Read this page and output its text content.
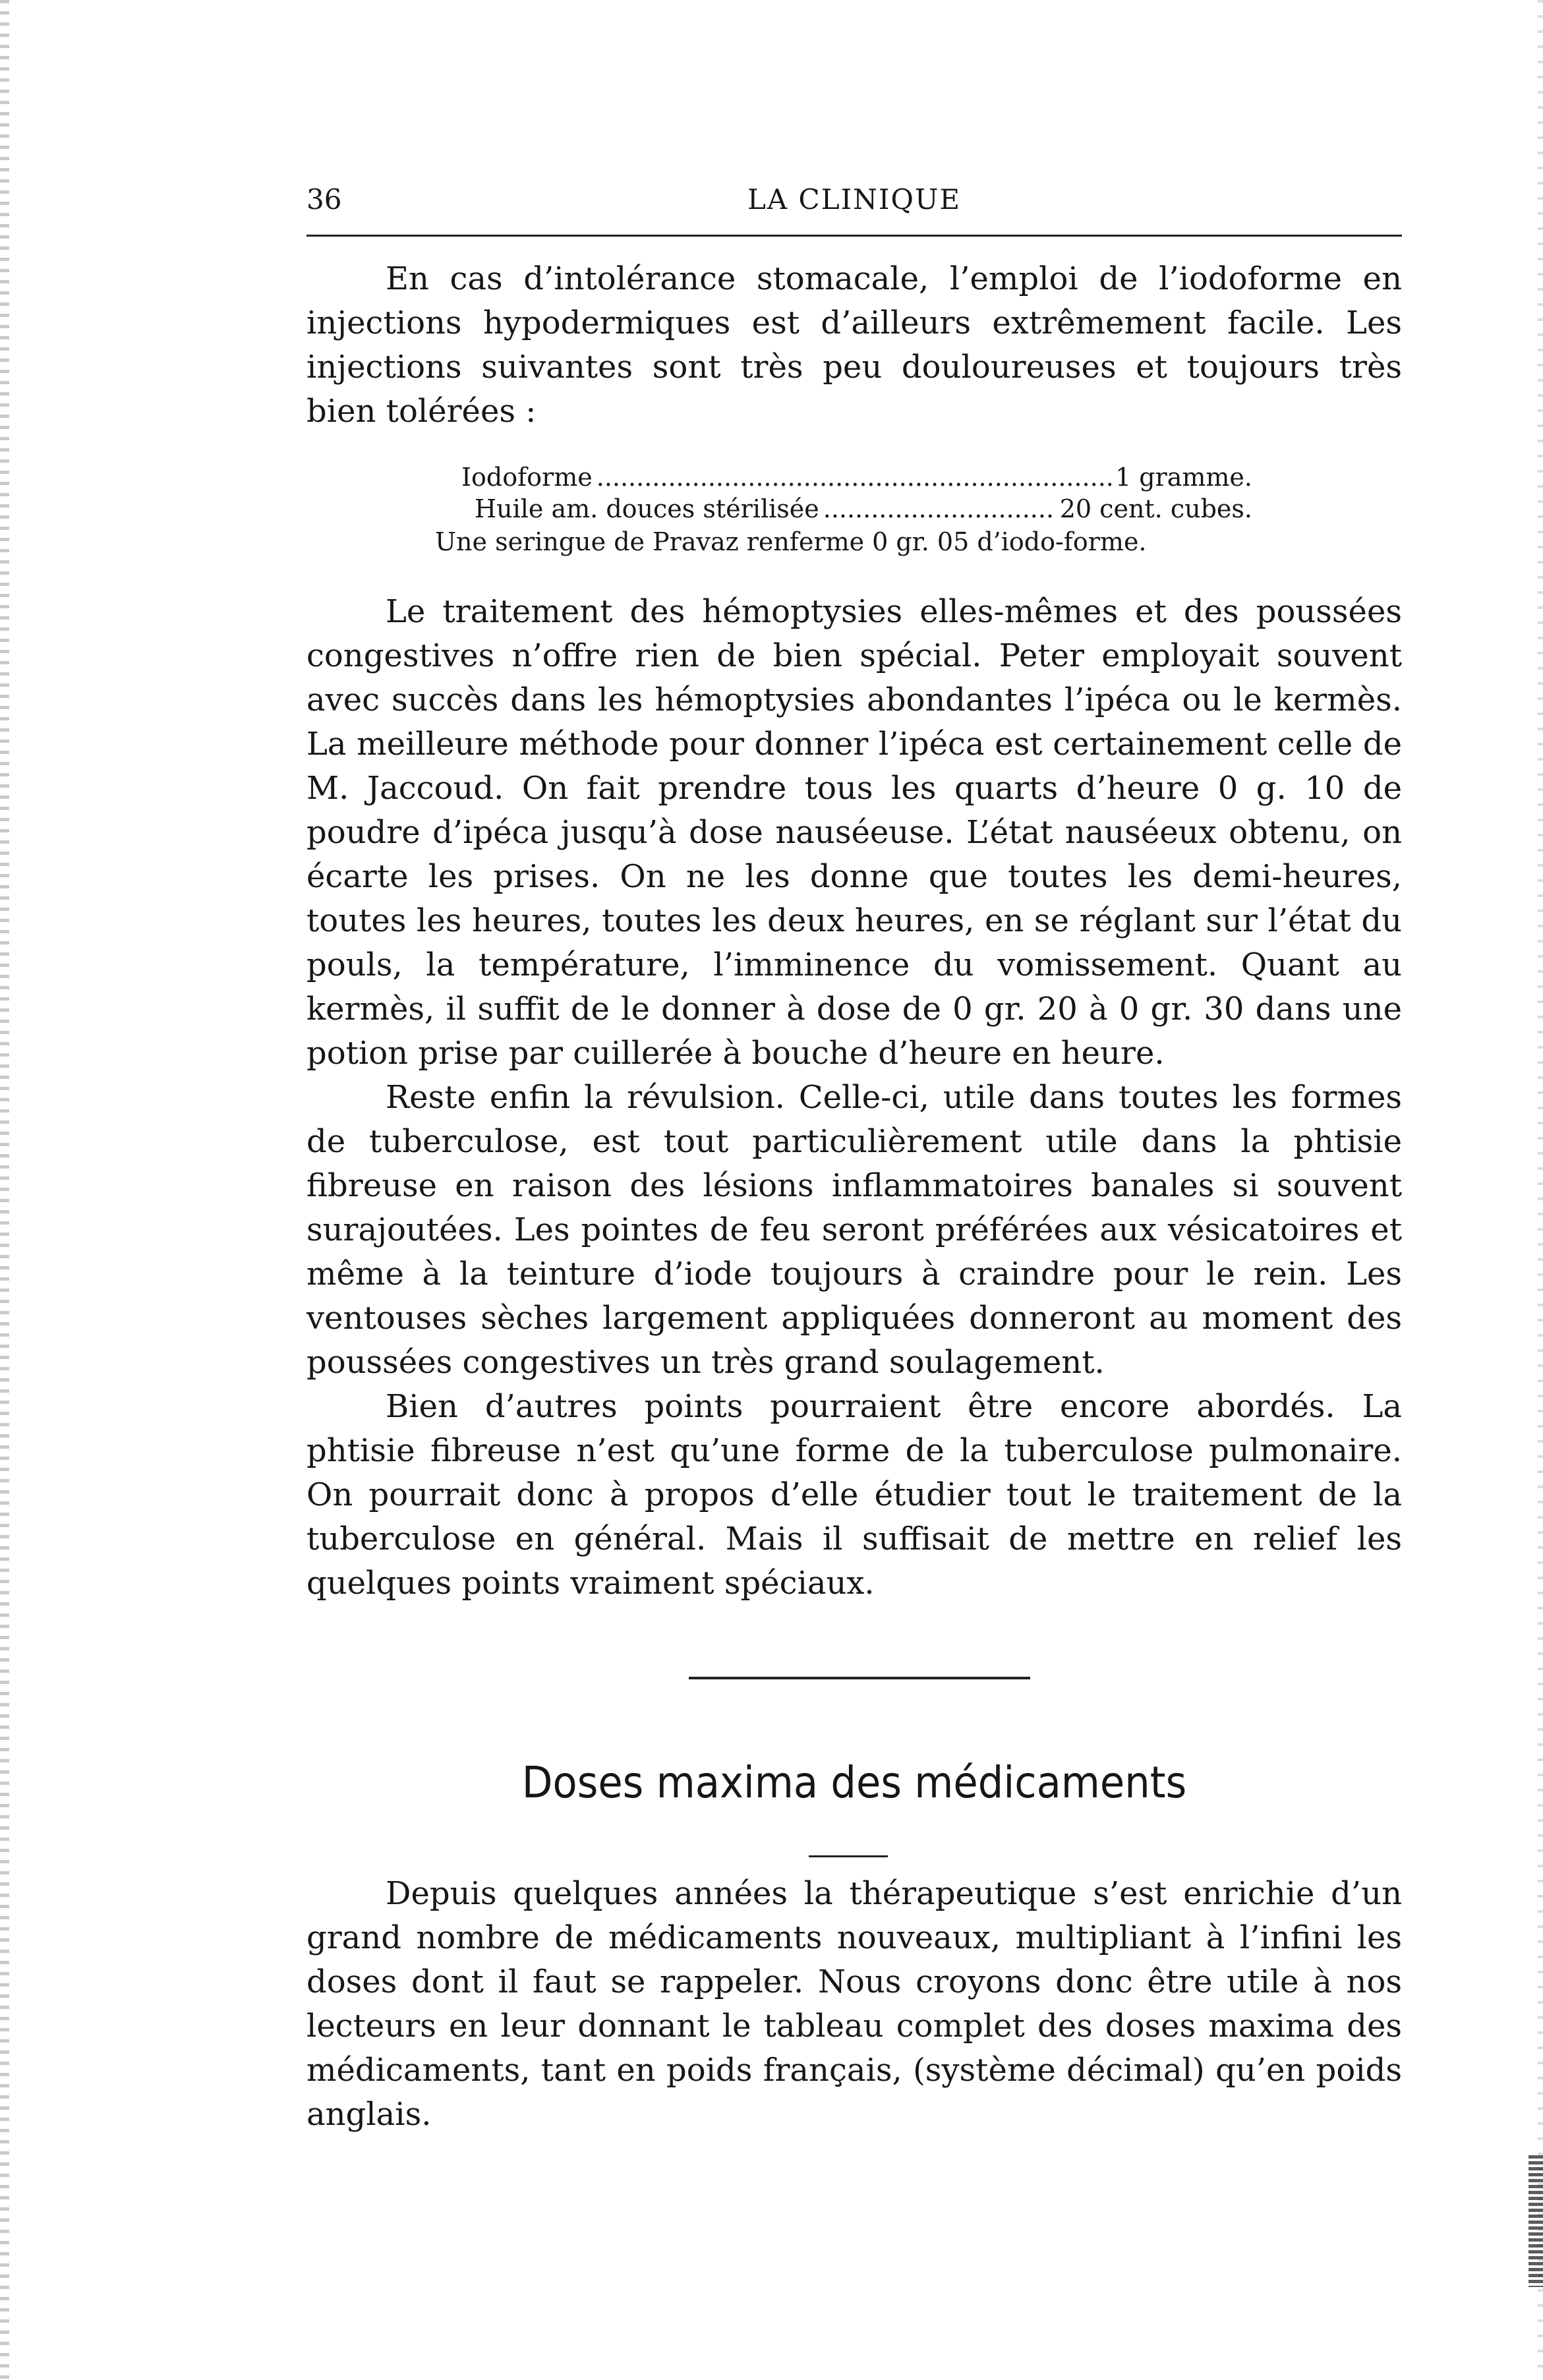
36	LA CLINIQUE

En cas d’intolérance stomacale, l’emploi de l’iodoforme en injections hypodermiques est d’ailleurs extrêmement facile. Les injections suivantes sont très peu douloureuses et toujours très bien tolérées :

Iodoforme .....	1 gramme.
Huile am. douces stérilisée .....	20 cent. cubes.
Une seringue de Pravaz renferme 0 gr. 05 d’iodo-forme.

Le traitement des hémoptysies elles-mêmes et des poussées congestives n’offre rien de bien spécial. Peter employait souvent avec succès dans les hémoptysies abondantes l’ipéca ou le kermès. La meilleure méthode pour donner l’ipéca est certainement celle de M. Jaccoud. On fait prendre tous les quarts d’heure 0 g. 10 de poudre d’ipéca jusqu’à dose nauséeuse. L’état nauséeux obtenu, on écarte les prises. On ne les donne que toutes les demi-heures, toutes les heures, toutes les deux heures, en se réglant sur l’état du pouls, la température, l’imminence du vomissement. Quant au kermès, il suffit de le donner à dose de 0 gr. 20 à 0 gr. 30 dans une potion prise par cuillerée à bouche d’heure en heure.

Reste enfin la révulsion. Celle-ci, utile dans toutes les formes de tuberculose, est tout particulièrement utile dans la phtisie fibreuse en raison des lésions inflammatoires banales si souvent surajoutées. Les pointes de feu seront préférées aux vésicatoires et même à la teinture d’iode toujours à craindre pour le rein. Les ventouses sèches largement appliquées donneront au moment des poussées congestives un très grand soulagement.

Bien d’autres points pourraient être encore abordés. La phtisie fibreuse n’est qu’une forme de la tuberculose pulmonaire. On pourrait donc à propos d’elle étudier tout le traitement de la tuberculose en général. Mais il suffisait de mettre en relief les quelques points vraiment spéciaux.

Doses maxima des médicaments

Depuis quelques années la thérapeutique s’est enrichie d’un grand nombre de médicaments nouveaux, multipliant à l’infini les doses dont il faut se rappeler. Nous croyons donc être utile à nos lecteurs en leur donnant le tableau complet des doses maxima des médicaments, tant en poids français, (système décimal) qu’en poids anglais.
